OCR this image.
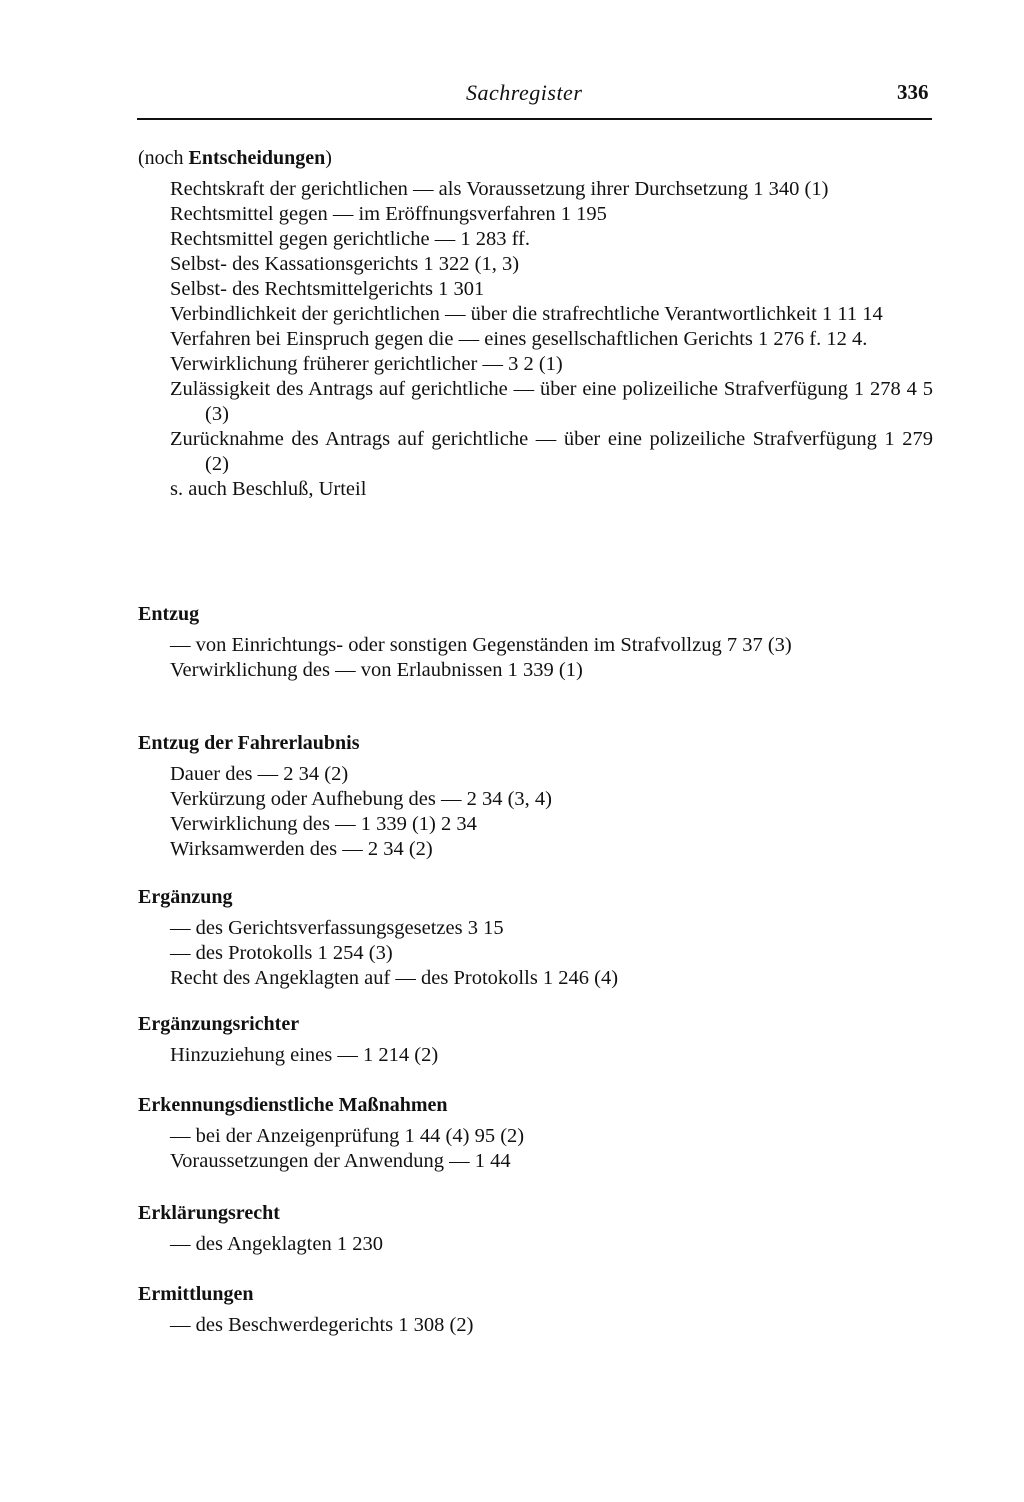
Sachregister	336
(noch Entscheidungen)
Rechtskraft der gerichtlichen — als Voraussetzung ihrer Durchsetzung 1 340 (1)
Rechtsmittel gegen — im Eröffnungsverfahren 1 195
Rechtsmittel gegen gerichtliche — 1 283 ff.
Selbst- des Kassationsgerichts 1 322 (1, 3)
Selbst- des Rechtsmittelgerichts 1 301
Verbindlichkeit der gerichtlichen — über die strafrechtliche Verantwortlichkeit 1 11 14
Verfahren bei Einspruch gegen die — eines gesellschaftlichen Gerichts 1 276 f. 12 4.
Verwirklichung früherer gerichtlicher — 3 2 (1)
Zulässigkeit des Antrags auf gerichtliche — über eine polizeiliche Strafverfügung 1 278 4 5 (3)
Zurücknahme des Antrags auf gerichtliche — über eine polizeiliche Strafverfügung 1 279 (2)
s. auch Beschluß, Urteil
Entzug
— von Einrichtungs- oder sonstigen Gegenständen im Strafvollzug 7 37 (3)
Verwirklichung des — von Erlaubnissen 1 339 (1)
Entzug der Fahrerlaubnis
Dauer des — 2 34 (2)
Verkürzung oder Aufhebung des — 2 34 (3, 4)
Verwirklichung des — 1 339 (1) 2 34
Wirksamwerden des — 2 34 (2)
Ergänzung
— des Gerichtsverfassungsgesetzes 3 15
— des Protokolls 1 254 (3)
Recht des Angeklagten auf — des Protokolls 1 246 (4)
Ergänzungsrichter
Hinzuziehung eines — 1 214 (2)
Erkennungsdienstliche Maßnahmen
— bei der Anzeigenprüfung 1 44 (4) 95 (2)
Voraussetzungen der Anwendung — 1 44
Erklärungsrecht
— des Angeklagten 1 230
Ermittlungen
— des Beschwerdegerichts 1 308 (2)
